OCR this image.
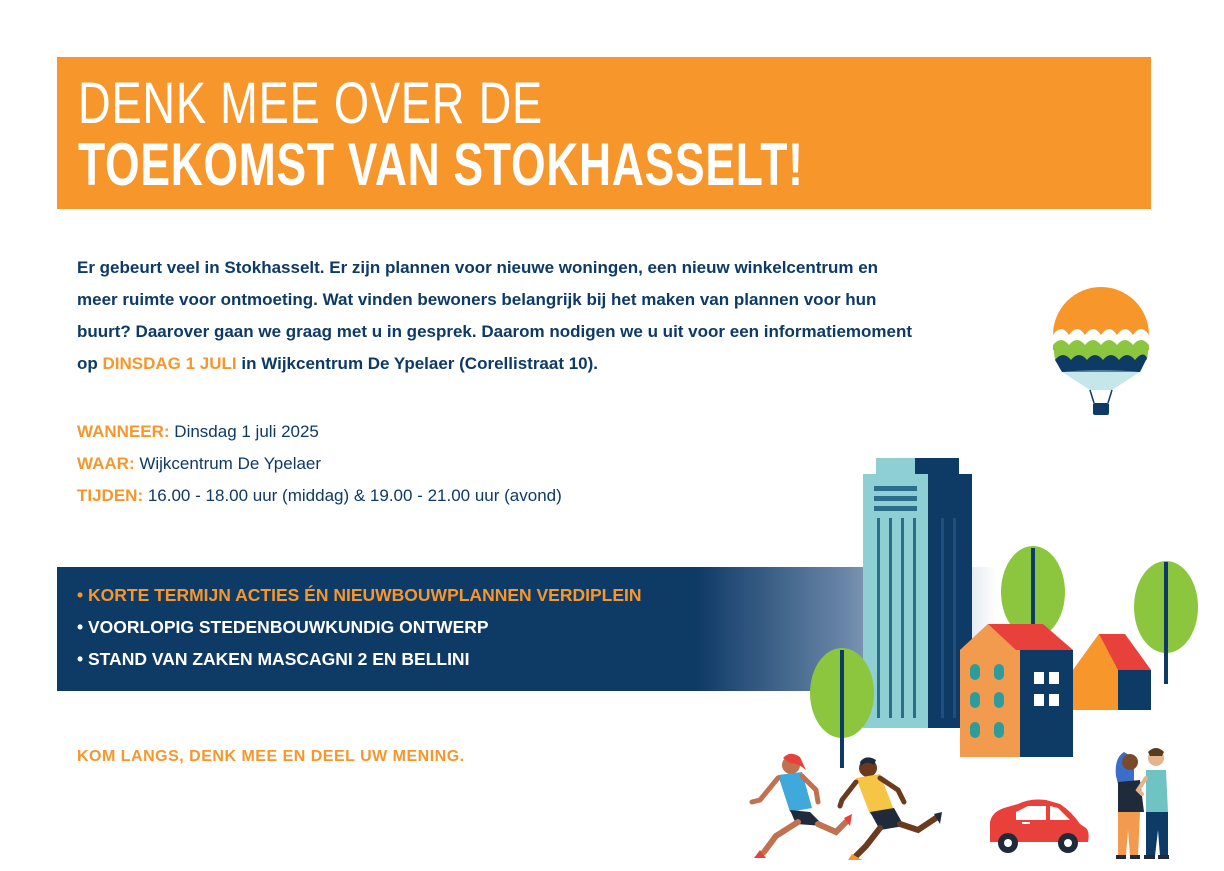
DENK MEE OVER DE
TOEKOMST VAN STOKHASSELT!
Er gebeurt veel in Stokhasselt. Er zijn plannen voor nieuwe woningen, een nieuw winkelcentrum en meer ruimte voor ontmoeting. Wat vinden bewoners belangrijk bij het maken van plannen voor hun buurt? Daarover gaan we graag met u in gesprek. Daarom nodigen we u uit voor een informatiemoment op DINSDAG 1 JULI in Wijkcentrum De Ypelaer (Corellistraat 10).
WANNEER: Dinsdag 1 juli 2025
WAAR: Wijkcentrum De Ypelaer
TIJDEN: 16.00 - 18.00 uur (middag) & 19.00 - 21.00 uur (avond)
• KORTE TERMIJN ACTIES ÉN NIEUWBOUWPLANNEN VERDIPLEIN
• VOORLOPIG STEDENBOUWKUNDIG ONTWERP
• STAND VAN ZAKEN MASCAGNI 2 EN BELLINI
KOM LANGS, DENK MEE EN DEEL UW MENING.
